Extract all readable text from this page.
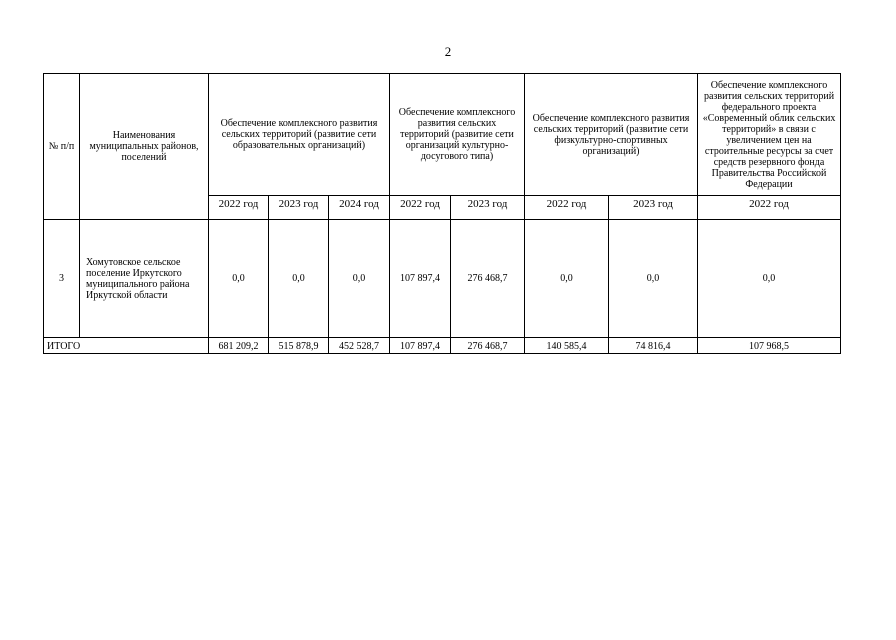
2
№ п/п	Наименования муниципальных районов, поселений	Обеспечение комплексного развития сельских территорий (развитие сети образовательных организаций)			Обеспечение комплексного развития сельских территорий (развитие сети организаций культурно-досугового типа)		Обеспечение комплексного развития сельских территорий (развитие сети физкультурно-спортивных организаций)		Обеспечение комплексного развития сельских территорий федерального проекта «Современный облик сельских территорий» в связи с увеличением цен на строительные ресурсы за счет средств резервного фонда Правительства Российской Федерации
		2022 год	2023 год	2024 год	2022 год	2023 год	2022 год	2023 год	2022 год
3	Хомутовское сельское поселение Иркутского муниципального района Иркутской области	0,0	0,0	0,0	107 897,4	276 468,7	0,0	0,0	0,0
ИТОГО		681 209,2	515 878,9	452 528,7	107 897,4	276 468,7	140 585,4	74 816,4	107 968,5
